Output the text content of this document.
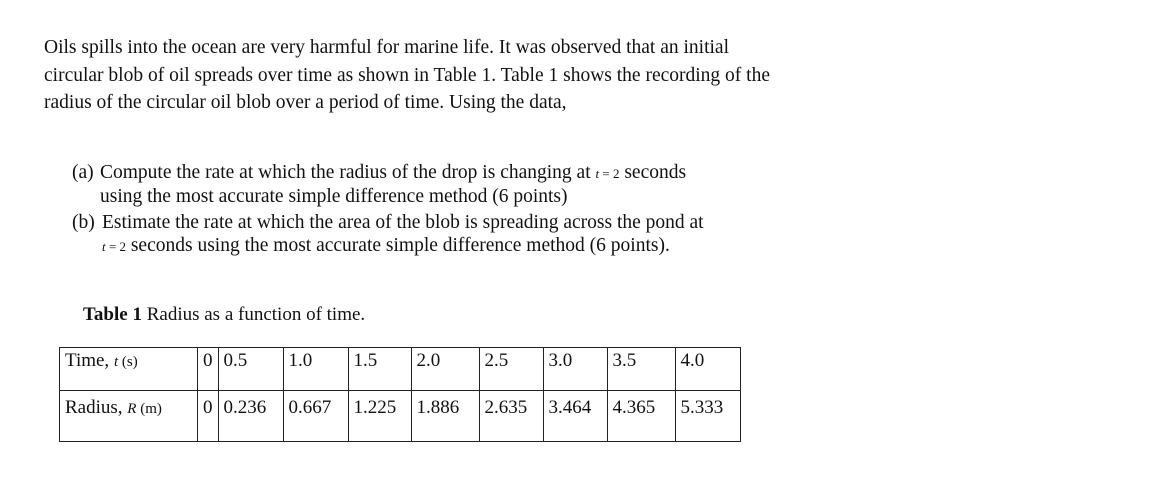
Oils spills into the ocean are very harmful for marine life. It was observed that an initial circular blob of oil spreads over time as shown in Table 1. Table 1 shows the recording of the radius of the circular oil blob over a period of time. Using the data,

(a) Compute the rate at which the radius of the drop is changing at t = 2 seconds
using the most accurate simple difference method (6 points)
(b) Estimate the rate at which the area of the blob is spreading across the pond at
t = 2 seconds using the most accurate simple difference method (6 points).
Table 1 Radius as a function of time.
Time, t (s)	0	0.5	1.0	1.5	2.0	2.5	3.0	3.5	4.0
Radius, R (m)	0	0.236	0.667	1.225	1.886	2.635	3.464	4.365	5.333
